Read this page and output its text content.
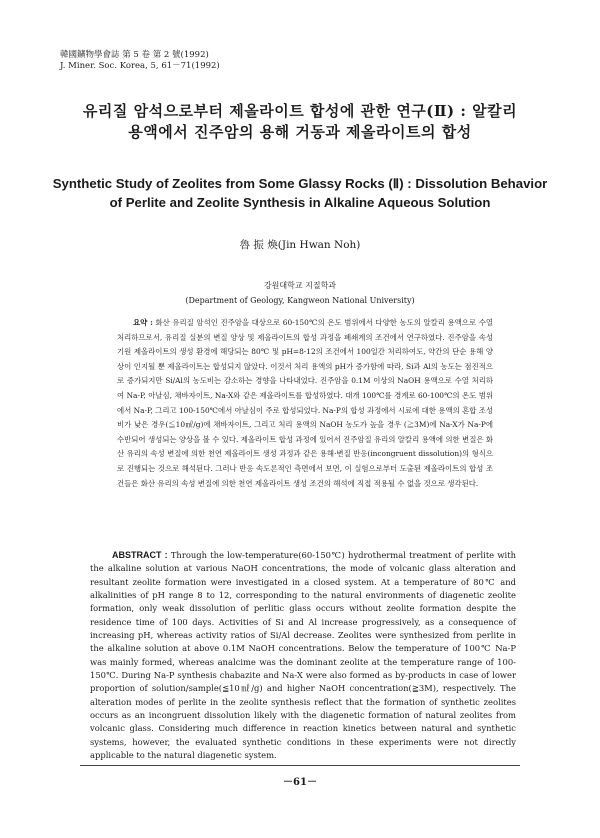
韓國鑛物學會誌 第 5 卷 第 2 號(1992)
J. Miner. Soc. Korea, 5, 61－71(1992)
유리질 암석으로부터 제올라이트 합성에 관한 연구(Ⅱ) : 알칼리
용액에서 진주암의 용해 거동과 제올라이트의 합성
Synthetic Study of Zeolites from Some Glassy Rocks (Ⅱ) : Dissolution Behavior
of Perlite and Zeolite Synthesis in Alkaline Aqueous Solution
魯 振 煥(Jin Hwan Noh)
강원대학교 지질학과
(Department of Geology, Kangweon National University)

요약 : 화산 유리질 암석인 진주암을 대상으로 60-150℃의 온도 범위에서 다양한 농도의 알칼리 용액으로 수열 처리하므로서, 유리질 실분의 변질 양상 및 제올라이트의 합성 과정을 폐쇄계의 조건에서 연구하였다. 진주암을 속성 기원 제올라이트의 생성 환경에 해당되는 80℃ 및 pH=8-12의 조건에서 100일간 처리하여도, 약간의 단순 용해 양상이 인지될 뿐 제올라이트는 합성되지 않았다. 이것서 처리 용액의 pH가 증가함에 따라, Si과 Al의 농도는 점진적으로 증가되지만 Si/Al의 농도비는 감소하는 경향을 나타내었다. 진주암을 0.1M 이상의 NaOH 용액으로 수열 처리하여 Na-P, 아날심, 채바자이트, Na-X와 같은 제올라이트를 합성하였다. 대개 100℃를 경계로 60-100℃의 온도 범위에서 Na-P, 그리고 100-150℃에서 아날심이 주로 합성되었다. Na-P의 합성 과정에서 시료에 대한 용액의 혼합 조성비가 낮은 경우(≦10㎖/g)에 채바자이트, 그리고 처리 용액의 NaOH 농도가 높을 경우 (≧3M)에 Na-X가 Na-P에 수반되어 생성되는 양상을 볼 수 있다. 제올라이트 합성 과정에 있어서 진주암질 유리의 알칼리 용액에 의한 변질은 화산 유리의 속성 변질에 의한 천연 제올라이트 생성 과정과 같은 용해·변질 반응(incongruent dissolution)의 형식으로 진행되는 것으로 해석된다. 그러나 반응 속도론적인 측면에서 보면, 이 실험으로부터 도출된 제올라이트의 합성 조건들은 화산 유리의 속성 변질에 의한 천연 제올라이트 생성 조건의 해석에 직접 적용될 수 없을 것으로 생각된다.

ABSTRACT : Through the low-temperature(60-150℃) hydrothermal treatment of perlite with the alkaline solution at various NaOH concentrations, the mode of volcanic glass alteration and resultant zeolite formation were investigated in a closed system. At a temperature of 80℃ and alkalinities of pH range 8 to 12, corresponding to the natural environments of diagenetic zeolite formation, only weak dissolution of perlitic glass occurs without zeolite formation despite the residence time of 100 days. Activities of Si and Al increase progressively, as a consequence of increasing pH, whereas activity ratios of Si/Al decrease. Zeolites were synthesized from perlite in the alkaline solution at above 0.1M NaOH concentrations. Below the temperature of 100℃ Na-P was mainly formed, whereas analcime was the dominant zeolite at the temperature range of 100-150℃. During Na-P synthesis chabazite and Na-X were also formed as by-products in case of lower proportion of solution/sample(≦10㎖/g) and higher NaOH concentration(≧3M), respectively. The alteration modes of perlite in the zeolite synthesis reflect that the formation of synthetic zeolites occurs as an incongruent dissolution likely with the diagenetic formation of natural zeolites from volcanic glass. Considering much difference in reaction kinetics between natural and synthetic systems, however, the evaluated synthetic conditions in these experiments were not directly applicable to the natural diagenetic system.

－61－
